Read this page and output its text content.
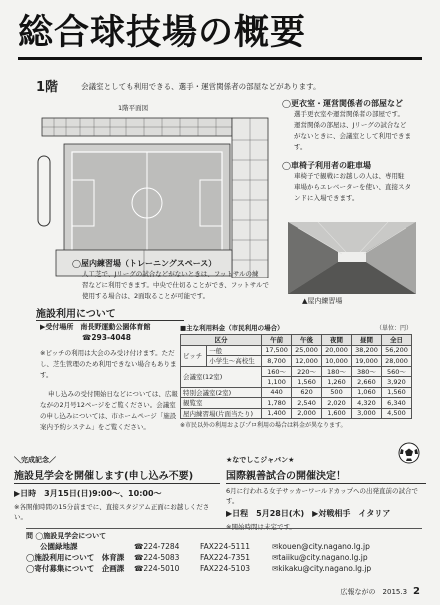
総合球技場の概要
1階	会議室としても利用できる、選手・運営関係者の部屋などがあります。
1階平面図	◯更衣室・運営関係者の部屋など
選手更衣室や運営関係者の部屋です。
運営関係の部屋は、Jリーグの試合など
がないときに、会議室として利用できま
す。
◯車椅子利用者の駐車場
車椅子で観戦にお越しの人は、専用駐
車場からエレベーターを使い、直接スタ
ンドに入場できます。
◯屋内練習場（トレーニングスペース）
人工芝で、Jリーグの試合などがないときは、フットサルの練
習などに利用できます。中央で仕切ることができ、フットサルで
使用する場合は、2面取ることが可能です。
▲屋内練習場
施設利用について
▶受付場所　南長野運動公園体育館
☎293-4048
※ピッチの利用は大会のみ受け付けます。ただし、芝生管理のため利用できない場合もあります。
申し込みの受付開始日などについては、広報ながの2月号12ページをご覧ください。会議室の申し込みについては、市ホームページ「施設案内予約システム」をご覧ください。
■主な利用料金（市民利用の場合）	（単位：円）
区分		午前	午後	夜間	昼間	全日
ピッチ	一般	17,500	25,000	20,000	38,200	56,200
	小学生～高校生	8,700	12,000	10,000	19,000	28,000
会議室(12室)		160～	220～	180～	380～	560～
		1,100	1,560	1,260	2,660	3,920
特別会議室(2室)		440	620	500	1,060	1,560
観覧室		1,780	2,540	2,020	4,320	6,340
屋内練習場(片面当たり)		1,400	2,000	1,600	3,000	4,500
※市民以外の利用およびプロ利用の場合は料金が異なります。
＼完成記念／
施設見学会を開催します(申し込み不要)
▶日時　3月15日(日)9:00～、10:00～
※各開催時間の15分前までに、直接スタジアム正面にお越しください。
★なでしこジャパン★
国際親善試合の開催決定！
6月に行われる女子サッカーワールドカップへの出発直前の試合です。
▶日程　5月28日(木)　▶対戦相手　イタリア
※開始時間は未定です。
問 ◯施設見学会について
公園緑地課	☎224-7284	FAX224-5111	✉kouen@city.nagano.lg.jp
◯施設利用について　体育課 ☎224-5083	FAX224-7351	✉taiiku@city.nagano.lg.jp
◯寄付募集について　企画課 ☎224-5010	FAX224-5103	✉kikaku@city.nagano.lg.jp
広報ながの　2015.3 2
